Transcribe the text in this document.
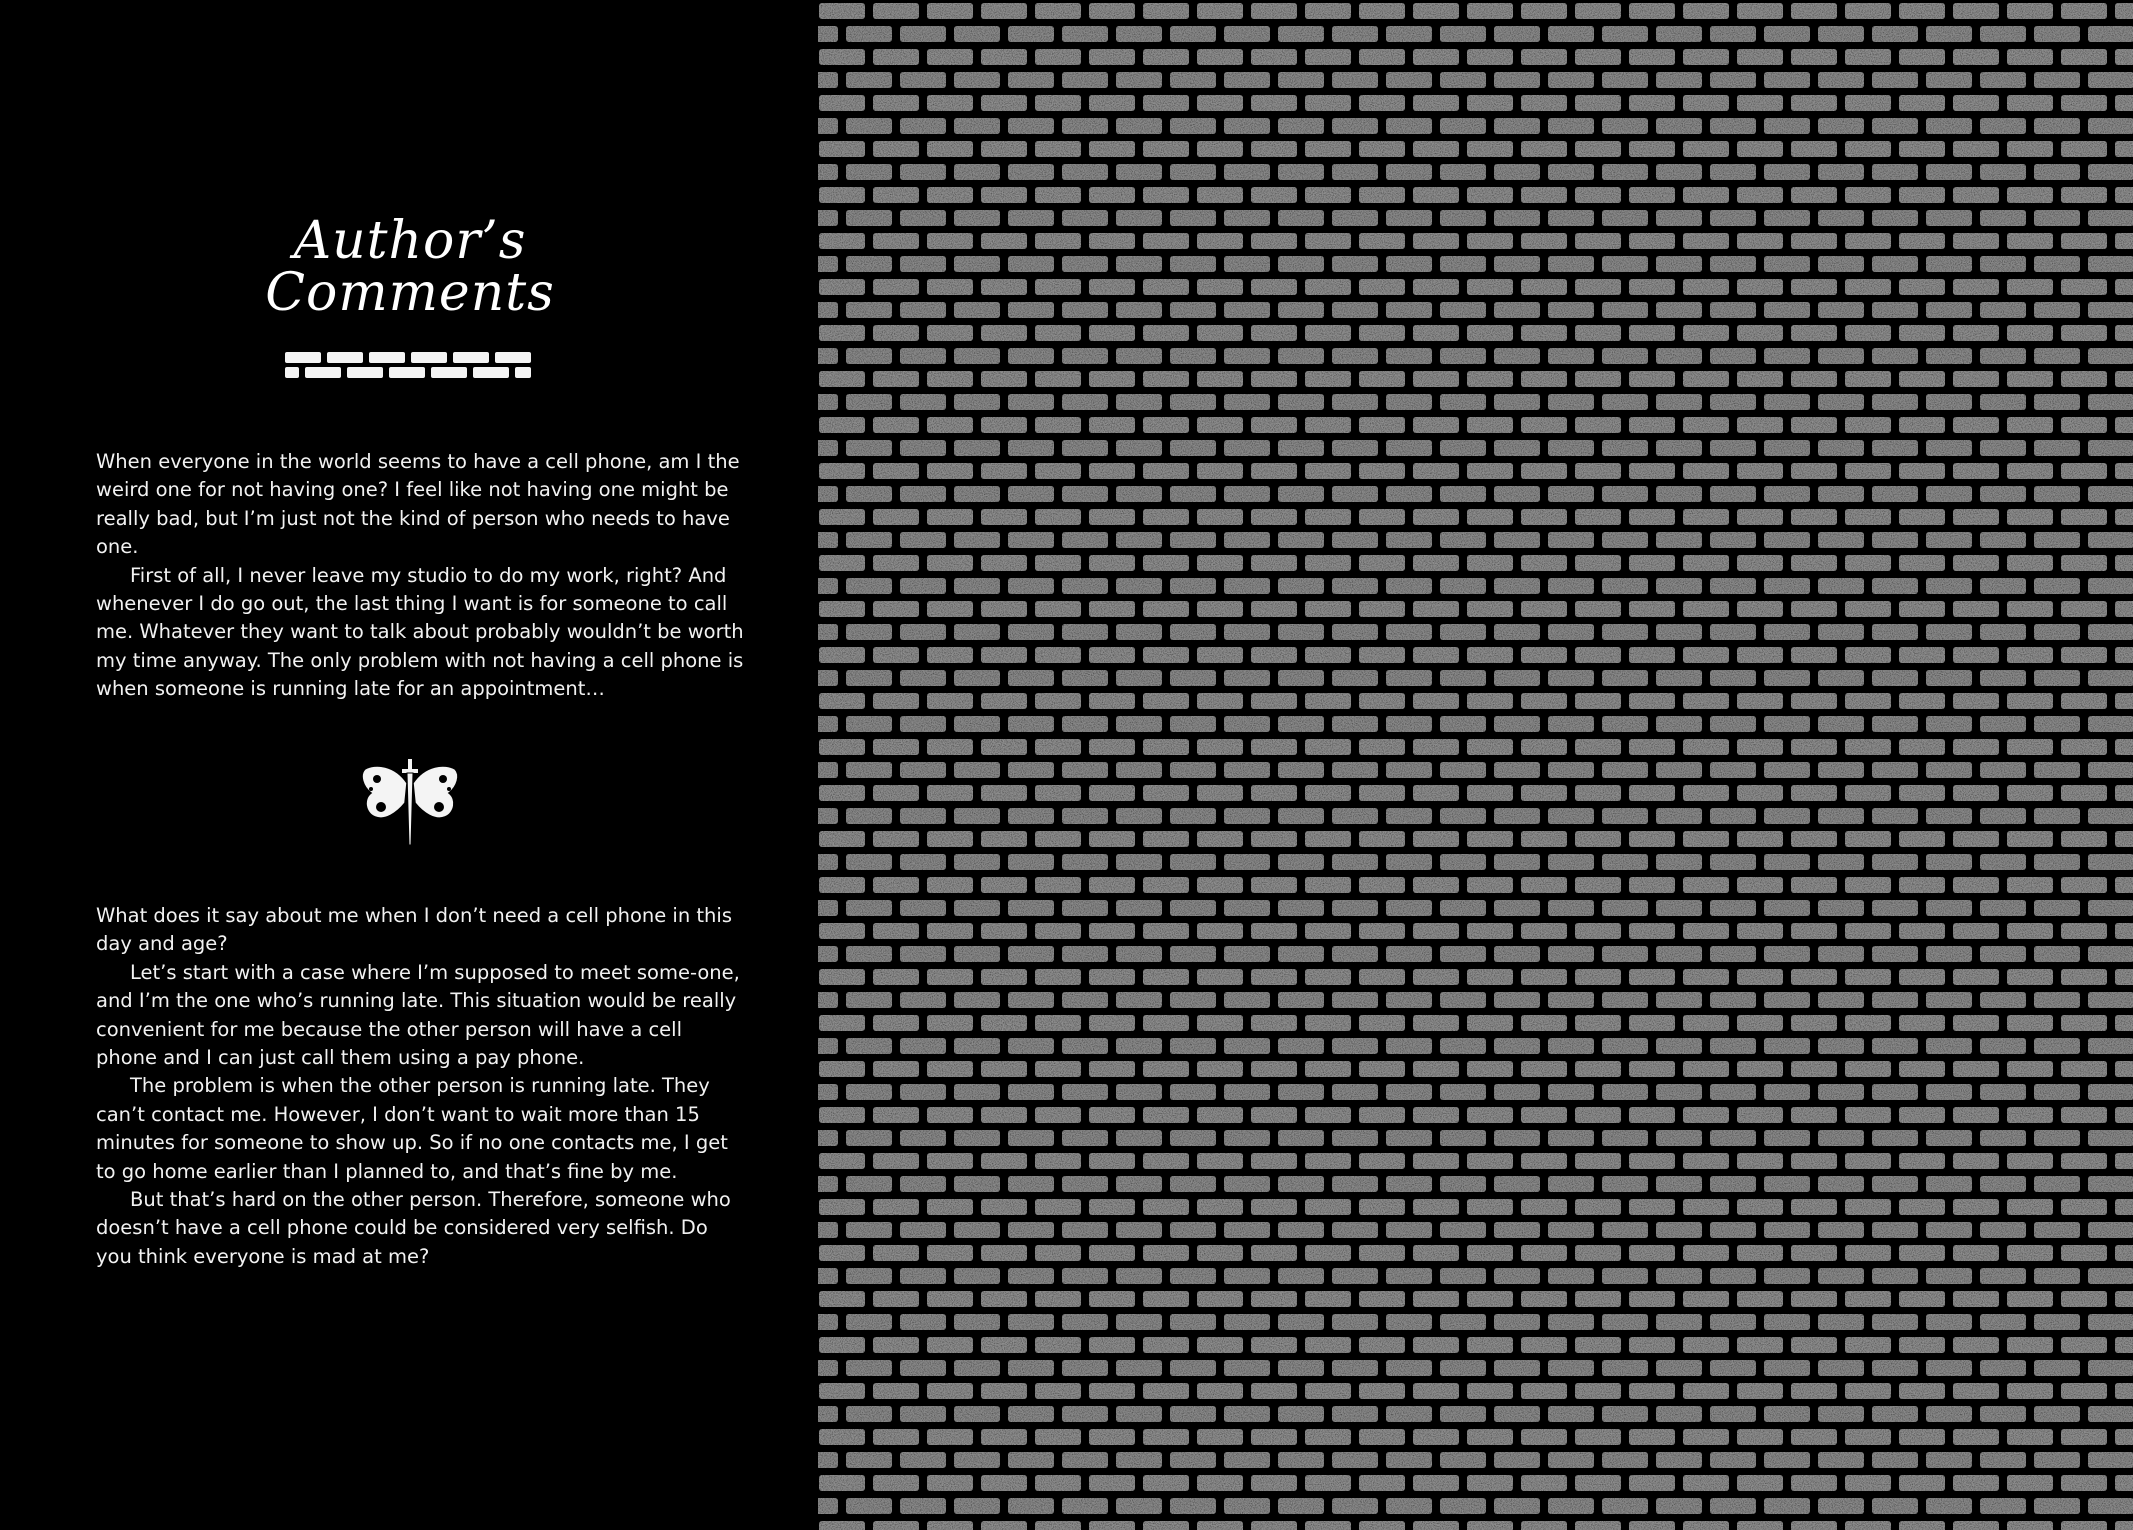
Author’s
Comments

When everyone in the world seems to have a cell phone, am I the weird one for not having one? I feel like not having one might be really bad, but I’m just not the kind of person who needs to have one.

First of all, I never leave my studio to do my work, right? And whenever I do go out, the last thing I want is for someone to call me. Whatever they want to talk about probably wouldn’t be worth my time anyway. The only problem with not having a cell phone is when someone is running late for an appointment…

What does it say about me when I don’t need a cell phone in this day and age?

Let’s start with a case where I’m supposed to meet some-one, and I’m the one who’s running late. This situation would be really convenient for me because the other person will have a cell phone and I can just call them using a pay phone.

The problem is when the other person is running late. They can’t contact me. However, I don’t want to wait more than 15 minutes for someone to show up. So if no one contacts me, I get to go home earlier than I planned to, and that’s fine by me.

But that’s hard on the other person. Therefore, someone who doesn’t have a cell phone could be considered very selfish. Do you think everyone is mad at me?
